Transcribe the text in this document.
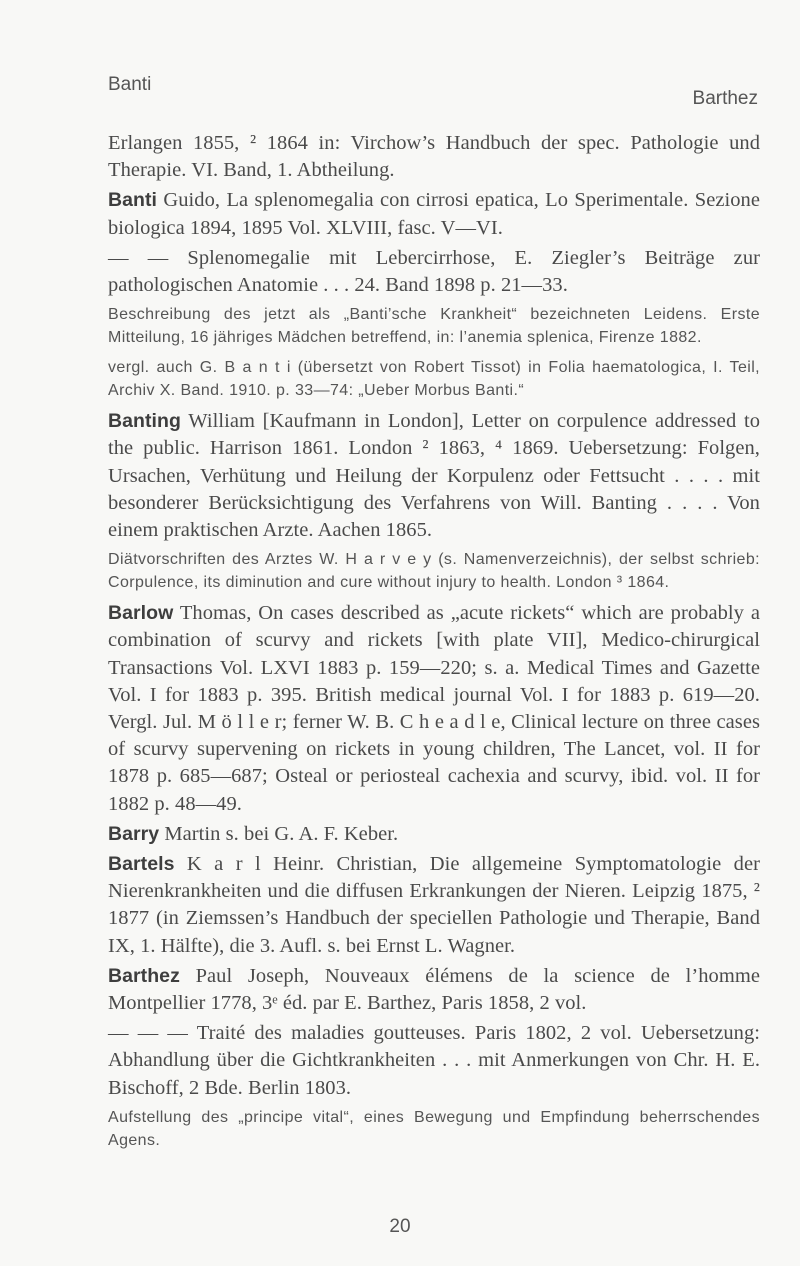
Banti
Barthez

Erlangen 1855, ² 1864 in: Virchow’s Handbuch der spec. Pathologie und Therapie. VI. Band, 1. Abtheilung.

Banti Guido, La splenomegalia con cirrosi epatica, Lo Sperimentale. Sezione biologica 1894, 1895 Vol. XLVIII, fasc. V—VI.

— — Splenomegalie mit Lebercirrhose, E. Ziegler’s Beiträge zur pathologischen Anatomie . . . 24. Band 1898 p. 21—33.

Beschreibung des jetzt als „Banti’sche Krankheit“ bezeichneten Leidens. Erste Mitteilung, 16 jähriges Mädchen betreffend, in: l’anemia splenica, Firenze 1882.

vergl. auch G. B a n t i (übersetzt von Robert Tissot) in Folia haematologica, I. Teil, Archiv X. Band. 1910. p. 33—74: „Ueber Morbus Banti.“

Banting William [Kaufmann in London], Letter on corpulence addressed to the public. Harrison 1861. London ² 1863, ⁴ 1869. Uebersetzung: Folgen, Ursachen, Verhütung und Heilung der Korpulenz oder Fettsucht . . . . mit besonderer Berücksichtigung des Verfahrens von Will. Banting . . . . Von einem praktischen Arzte. Aachen 1865.

Diätvorschriften des Arztes W. H a r v e y (s. Namenverzeichnis), der selbst schrieb: Corpulence, its diminution and cure without injury to health. London ³ 1864.

Barlow Thomas, On cases described as „acute rickets“ which are probably a combination of scurvy and rickets [with plate VII], Medico-chirurgical Transactions Vol. LXVI 1883 p. 159—220; s. a. Medical Times and Gazette Vol. I for 1883 p. 395. British medical journal Vol. I for 1883 p. 619—20. Vergl. Jul. M ö l l e r; ferner W. B. C h e a d l e, Clinical lecture on three cases of scurvy supervening on rickets in young children, The Lancet, vol. II for 1878 p. 685—687; Osteal or periosteal cachexia and scurvy, ibid. vol. II for 1882 p. 48—49.

Barry Martin s. bei G. A. F. Keber.

Bartels K a r l Heinr. Christian, Die allgemeine Symptomatologie der Nierenkrankheiten und die diffusen Erkrankungen der Nieren. Leipzig 1875, ² 1877 (in Ziemssen’s Handbuch der speciellen Pathologie und Therapie, Band IX, 1. Hälfte), die 3. Aufl. s. bei Ernst L. Wagner.

Barthez Paul Joseph, Nouveaux élémens de la science de l’homme Montpellier 1778, 3ᵉ éd. par E. Barthez, Paris 1858, 2 vol.

— — — Traité des maladies goutteuses. Paris 1802, 2 vol. Uebersetzung: Abhandlung über die Gichtkrankheiten . . . mit Anmerkungen von Chr. H. E. Bischoff, 2 Bde. Berlin 1803.

Aufstellung des „principe vital“, eines Bewegung und Empfindung beherrschendes Agens.

20
